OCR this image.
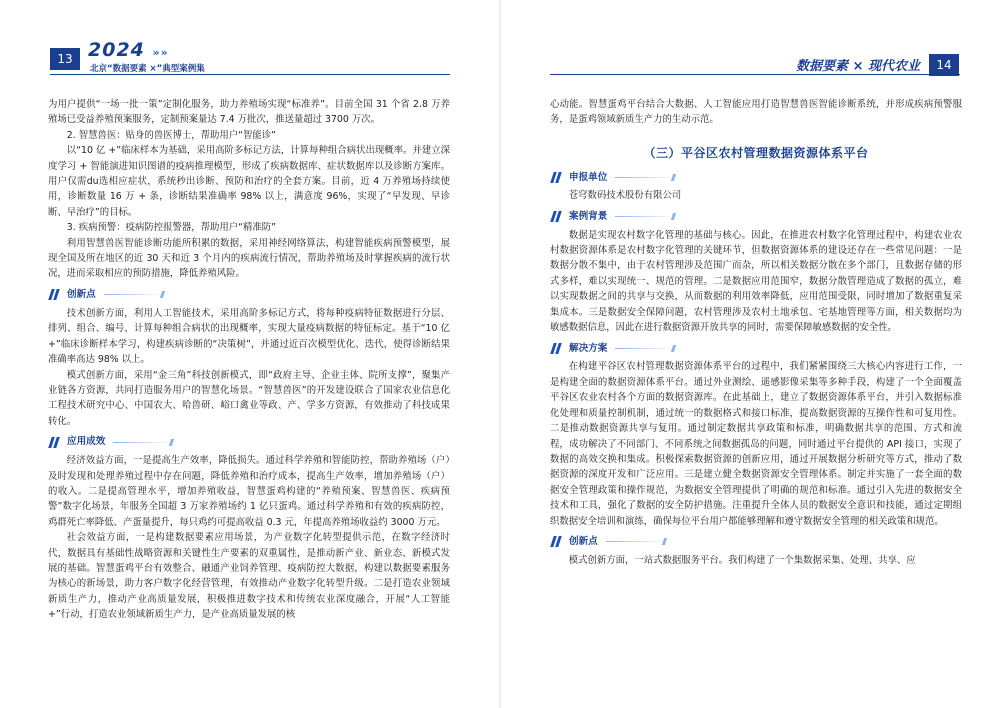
13 2024 »»
北京“数据要素 ×”典型案例集	数据要素 × 现代农业	14

为用户提供“一场一批一策”定制化服务，助力养殖场实现“标准养”。目前全国 31 个省 2.8 万养殖场已受益养殖预案服务，定制预案量达 7.4 万批次，推送量超过 3700 万次。

2. 智慧兽医：贴身的兽医博士，帮助用户“智能诊”

以“10 亿 +”临床样本为基础，采用高阶多标记方法，计算每种组合病状出现概率。并建立深度学习 + 智能演进知识图谱的疫病推理模型，形成了疾病数据库、症状数据库以及诊断方案库。用户仅需du选相应症状，系统秒出诊断、预防和治疗的全套方案。目前，近 4 万养殖场持续使用，诊断数量 16 万 + 条，诊断结果准确率 98% 以上，满意度 96%，实现了“早发现、早诊断、早治疗”的目标。

3. 疾病预警：疫病防控报警器，帮助用户“精准防”

利用智慧兽医智能诊断功能所积累的数据，采用神经网络算法，构建智能疾病预警模型，展现全国及所在地区的近 30 天和近 3 个月内的疾病流行情况，帮助养殖场及时掌握疾病的流行状况，进而采取相应的预防措施，降低养殖风险。

创新点

技术创新方面，利用人工智能技术，采用高阶多标记方式，将每种疫病特征数据进行分层、排列、组合、编号，计算每种组合病状的出现概率，实现大量疫病数据的特征标定。基于“10 亿 +”临床诊断样本学习，构建疾病诊断的“决策树”，并通过近百次模型优化、迭代，使得诊断结果准确率高达 98% 以上。

模式创新方面，采用“金三角”科技创新模式，即“政府主导、企业主体、院所支撑”，聚集产业链各方资源，共同打造服务用户的智慧化场景。“智慧兽医”的开发建设联合了国家农业信息化工程技术研究中心、中国农大、哈兽研、峪口禽业等政、产、学多方资源，有效推动了科技成果转化。

应用成效

经济效益方面，一是提高生产效率，降低损失。通过科学养殖和智能防控，帮助养殖场（户）及时发现和处理养殖过程中存在问题，降低养殖和治疗成本，提高生产效率，增加养殖场（户）的收入。二是提高管理水平，增加养殖收益，智慧蛋鸡构建的“养殖预案、智慧兽医、疾病预警”数字化场景，年服务全国超 3 万家养殖场约 1 亿只蛋鸡。通过科学养殖和有效的疾病防控，鸡群死亡率降低、产蛋量提升，每只鸡约可提高收益 0.3 元，年提高养殖场收益约 3000 万元。

社会效益方面，一是构建数据要素应用场景，为产业数字化转型提供示范，在数字经济时代，数据具有基础性战略资源和关键性生产要素的双重属性，是推动新产业、新业态、新模式发展的基础。智慧蛋鸡平台有效整合、融通产业饲养管理、疫病防控大数据，构建以数据要素服务为核心的新场景，助力客户数字化经营管理，有效推动产业数字化转型升级。二是打造农业领域新质生产力，推动产业高质量发展，积极推进数字技术和传统农业深度融合，开展“人工智能 +”行动，打造农业领域新质生产力，是产业高质量发展的核

心动能。智慧蛋鸡平台结合大数据、人工智能应用打造智慧兽医智能诊断系统，并形成疾病预警服务，是蛋鸡领域新质生产力的生动示范。

（三）平谷区农村管理数据资源体系平台
申报单位

苍穹数码技术股份有限公司

案例背景

数据是实现农村数字化管理的基础与核心。因此，在推进农村数字化管理过程中，构建农业农村数据资源体系是农村数字化管理的关键环节，但数据资源体系的建设还存在一些常见问题：一是数据分散不集中，由于农村管理涉及范围广而杂，所以相关数据分散在多个部门，且数据存储的形式多样，难以实现统一、规范的管理。二是数据应用范围窄，数据分散管理造成了数据的孤立，难以实现数据之间的共享与交换，从而数据的利用效率降低，应用范围受限，同时增加了数据重复采集成本。三是数据安全保障问题，农村管理涉及农村土地承包、宅基地管理等方面，相关数据均为敏感数据信息，因此在进行数据资源开放共享的同时，需要保障敏感数据的安全性。

解决方案

在构建平谷区农村管理数据资源体系平台的过程中，我们紧紧围绕三大核心内容进行工作，一是构建全面的数据资源体系平台。通过外业测绘、遥感影像采集等多种手段，构建了一个全面覆盖平谷区农业农村各个方面的数据资源库。在此基础上，建立了数据资源体系平台，并引入数据标准化处理和质量控制机制，通过统一的数据格式和接口标准，提高数据资源的互操作性和可复用性。二是推动数据资源共享与复用。通过制定数据共享政策和标准，明确数据共享的范围、方式和流程，成功解决了不同部门、不同系统之间数据孤岛的问题，同时通过平台提供的 API 接口，实现了数据的高效交换和集成。积极探索数据资源的创新应用，通过开展数据分析研究等方式，推动了数据资源的深度开发和广泛应用。三是建立健全数据资源安全管理体系。制定并实施了一套全面的数据安全管理政策和操作规范，为数据安全管理提供了明确的规范和标准。通过引入先进的数据安全技术和工具，强化了数据的安全防护措施。注重提升全体人员的数据安全意识和技能，通过定期组织数据安全培训和演练，确保每位平台用户都能够理解和遵守数据安全管理的相关政策和规范。

创新点

模式创新方面，一站式数据服务平台。我们构建了一个集数据采集、处理、共享、应
